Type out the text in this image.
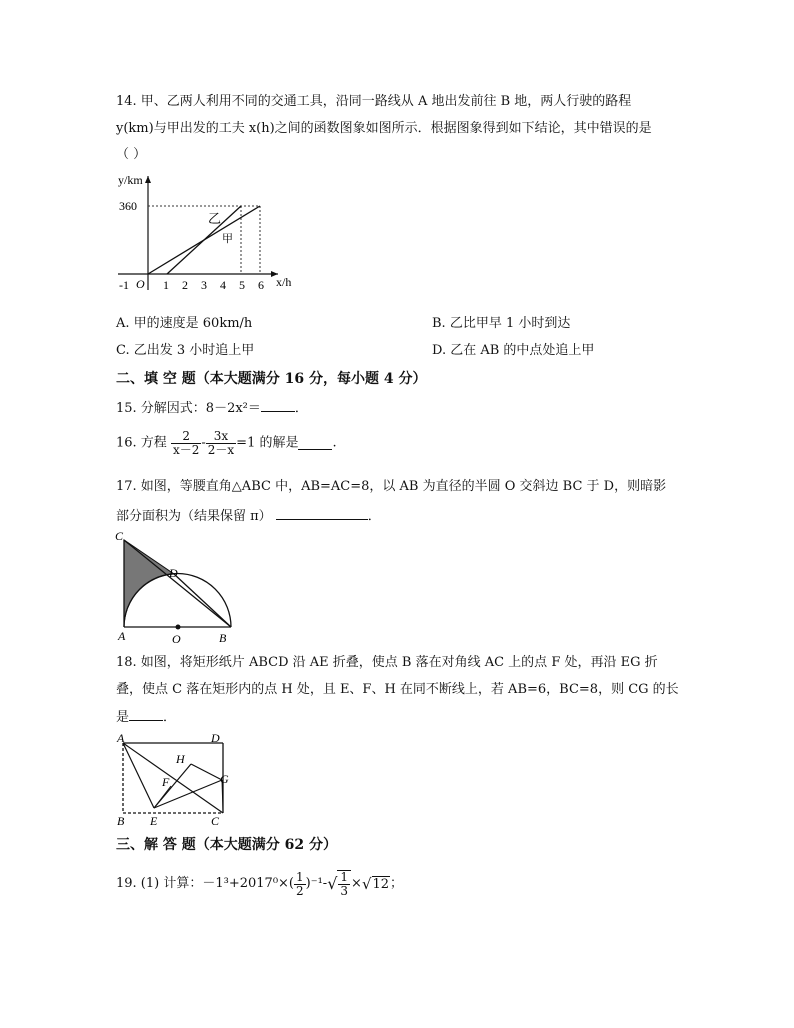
14. 甲、乙两人利用不同的交通工具，沿同一路线从 A 地出发前往 B 地，两人行驶的路程
y(km)与甲出发的工夫 x(h)之间的函数图象如图所示．根据图象得到如下结论，其中错误的是
（ ）
y/km
x/h
360
-1 O 1 2 3 4 5 6
乙
甲
A. 甲的速度是 60km/h	B. 乙比甲早 1 小时到达
C. 乙出发 3 小时追上甲	D. 乙在 AB 的中点处追上甲
二、填 空 题（本大题满分 16 分，每小题 4 分）
15. 分解因式：8－2x²＝	．
16. 方程 $\frac{2}{x-2} - \frac{3x}{2-x} =1$ 的解是	.
17. 如图，等腰直角△ABC 中，AB=AC=8，以 AB 为直径的半圆 O 交斜边 BC 于 D，则暗影
部分面积为（结果保留 π）	．
C
D
A	O	B
18. 如图，将矩形纸片 ABCD 沿 AE 折叠，使点 B 落在对角线 AC 上的点 F 处，再沿 EG 折
叠，使点 C 落在矩形内的点 H 处，且 E、F、H 在同不断线上，若 AB=6，BC=8，则 CG 的长
是	．
A	D
H
F	G
B E	C
三、解 答 题（本大题满分 62 分）
19. (1) 计算：$-1^3+2017^0\times( \frac{1}{2} )^{-1}-√ \frac{1}{3} \times√12$；
